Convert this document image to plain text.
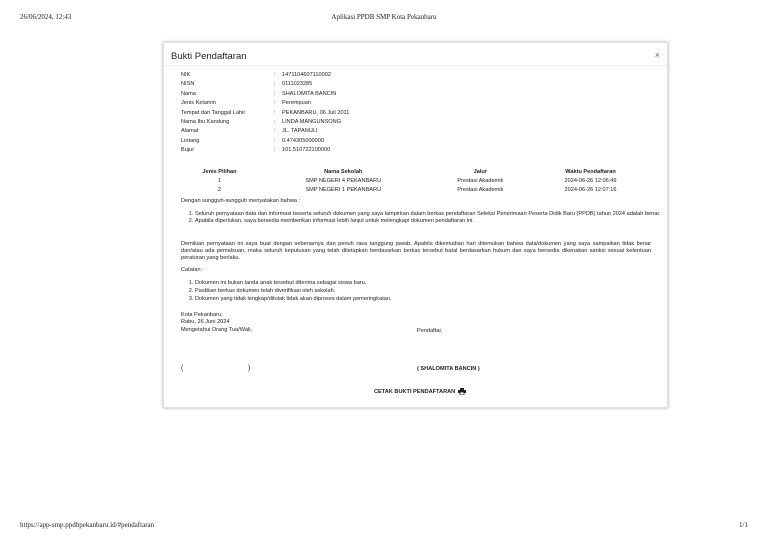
26/06/2024, 12:43	Aplikasi PPDB SMP Kota Pekanbaru
Bukti Pendaftaran	×
NIK	:	1471104607110002
NISN	:	0111023285
Nama	:	SHALOMITA BANCIN
Jenis Kelamin	:	Perempuan
Tempat dan Tanggal Lahir	:	PEKANBARU, 06 Juli 2011
Nama Ibu Kandung	:	LINDA MANGUNSONG
Alamat	:	JL. TAPANULI
Lintang	:	0.474305000000
Bujur	:	101.510722100000
Jenis Pilihan	Nama Sekolah	Jalur	Waktu Pendaftaran
1	SMP NEGERI 4 PEKANBARU	Prestasi Akademik	2024-06-26 12:06:49
2	SMP NEGERI 1 PEKANBARU	Prestasi Akademik	2024-06-26 12:07:16
Dengan sungguh-sungguh menyatakan bahwa :
1. Seluruh pernyataan data dan informasi beserta seluruh dokumen yang saya lampirkan dalam berkas pendaftaran Seleksi Penerimaan Peserta Didik Baru (PPDB) tahun 2024 adalah benar.
2. Apabila diperlukan, saya bersedia memberikan informasi lebih lanjut untuk melengkapi dokumen pendaftaran ini.
Demikian pernyataan ini saya buat dengan sebenarnya dan penuh rasa tanggung jawab. Apabila dikemudian hari ditemukan bahwa data/dokumen yang saya sampaikan tidak benar dan/atau ada pemalsuan, maka seluruh keputusan yang telah ditetapkan berdasarkan berkas tersebut batal berdasarkan hukum dan saya bersedia dikenakan sanksi sesuai ketentuan peraturan yang berlaku.
Catatan :
1. Dokumen ini bukan tanda anak tersebut diterima sebagai siswa baru.
2. Pastikan berkas dokumen telah diverifikasi oleh sekolah.
3. Dokumen yang tidak lengkap/ditolak tidak akan diproses dalam pemeringkatan.
Kota Pekanbaru,
Rabu, 26 Juni 2024
Mengetahui Orang Tua/Wali,	Pendaftar,
(	)	( SHALOMITA BANCIN )
CETAK BUKTI PENDAFTARAN
https://app-smp.ppdbpekanbaru.id/#pendaftaran	1/1
